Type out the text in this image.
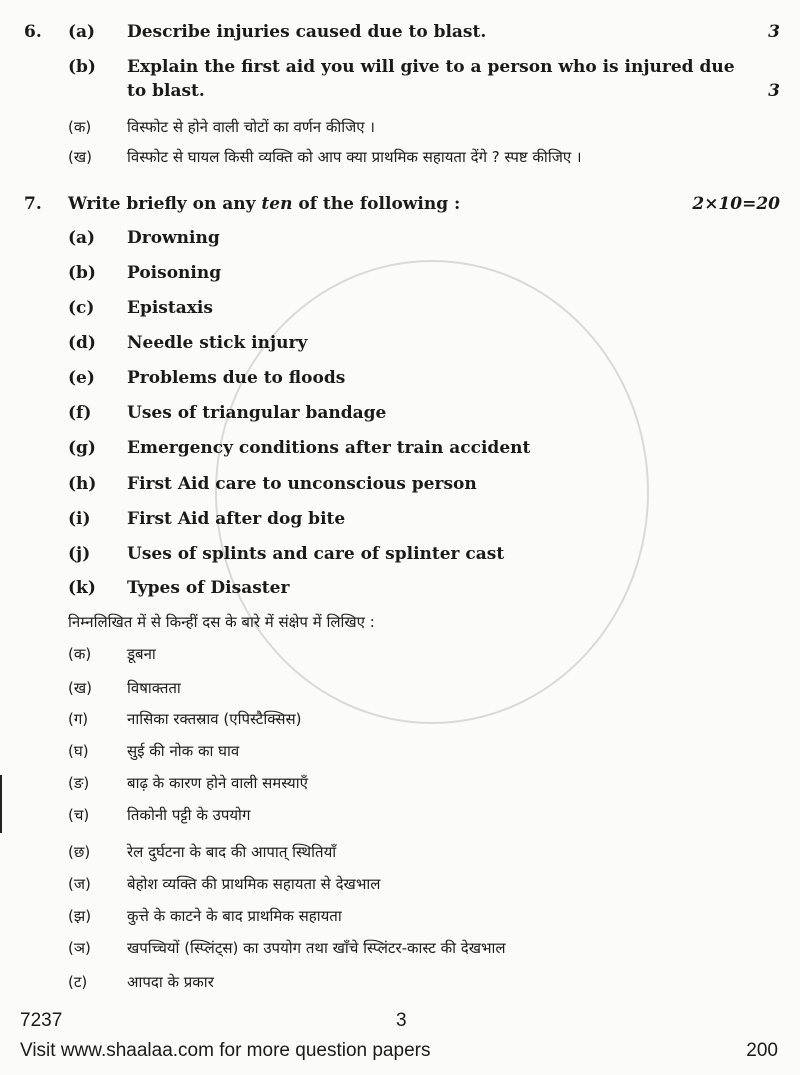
6. (a) Describe injuries caused due to blast.	3
(b) Explain the first aid you will give to a person who is injured due
to blast.	3
(क) विस्फोट से होने वाली चोटों का वर्णन कीजिए ।
(ख) विस्फोट से घायल किसी व्यक्ति को आप क्या प्राथमिक सहायता देंगे ? स्पष्ट कीजिए ।
7. Write briefly on any ten of the following :	2×10=20
(a) Drowning
(b) Poisoning
(c) Epistaxis
(d) Needle stick injury
(e) Problems due to floods
(f) Uses of triangular bandage
(g) Emergency conditions after train accident
(h) First Aid care to unconscious person
(i) First Aid after dog bite
(j) Uses of splints and care of splinter cast
(k) Types of Disaster
निम्नलिखित में से किन्हीं दस के बारे में संक्षेप में लिखिए :
(क) डूबना
(ख) विषाक्तता
(ग)	नासिका रक्तस्राव (एपिस्टैक्सिस)
(घ)	सुई की नोक का घाव
(ङ)	बाढ़ के कारण होने वाली समस्याएँ
(च)	तिकोनी पट्टी के उपयोग
(छ) रेल दुर्घटना के बाद की आपात् स्थितियाँ
(ज) बेहोश व्यक्ति की प्राथमिक सहायता से देखभाल
(झ) कुत्ते के काटने के बाद प्राथमिक सहायता
(ञ) खपच्चियों (स्प्लिंट्स) का उपयोग तथा खाँचे स्प्लिंटर-कास्ट की देखभाल
(ट)	आपदा के प्रकार
7237	3
Visit www.shaalaa.com for more question papers	200
